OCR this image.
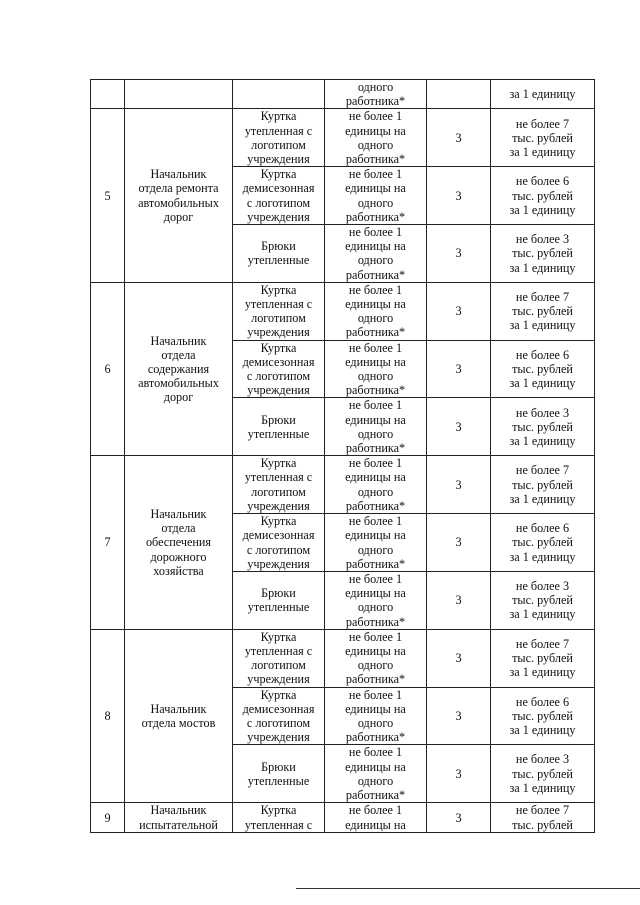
			одного
работника*		за 1 единицу
5	Начальник
отдела ремонта
автомобильных
дорог	Куртка
утепленная с
логотипом
учреждения	не более 1
единицы на
одного
работника*	3	не более 7
тыс. рублей
за 1 единицу
		Куртка
демисезонная
с логотипом
учреждения	не более 1
единицы на
одного
работника*	3	не более 6
тыс. рублей
за 1 единицу
		Брюки
утепленные	не более 1
единицы на
одного
работника*	3	не более 3
тыс. рублей
за 1 единицу
6	Начальник
отдела
содержания
автомобильных
дорог	Куртка
утепленная с
логотипом
учреждения	не более 1
единицы на
одного
работника*	3	не более 7
тыс. рублей
за 1 единицу
		Куртка
демисезонная
с логотипом
учреждения	не более 1
единицы на
одного
работника*	3	не более 6
тыс. рублей
за 1 единицу
		Брюки
утепленные	не более 1
единицы на
одного
работника*	3	не более 3
тыс. рублей
за 1 единицу
7	Начальник
отдела
обеспечения
дорожного
хозяйства	Куртка
утепленная с
логотипом
учреждения	не более 1
единицы на
одного
работника*	3	не более 7
тыс. рублей
за 1 единицу
		Куртка
демисезонная
с логотипом
учреждения	не более 1
единицы на
одного
работника*	3	не более 6
тыс. рублей
за 1 единицу
		Брюки
утепленные	не более 1
единицы на
одного
работника*	3	не более 3
тыс. рублей
за 1 единицу
8	Начальник
отдела мостов	Куртка
утепленная с
логотипом
учреждения	не более 1
единицы на
одного
работника*	3	не более 7
тыс. рублей
за 1 единицу
		Куртка
демисезонная
с логотипом
учреждения	не более 1
единицы на
одного
работника*	3	не более 6
тыс. рублей
за 1 единицу
		Брюки
утепленные	не более 1
единицы на
одного
работника*	3	не более 3
тыс. рублей
за 1 единицу
9	Начальник
испытательной	Куртка
утепленная с	не более 1
единицы на	3	не более 7
тыс. рублей
